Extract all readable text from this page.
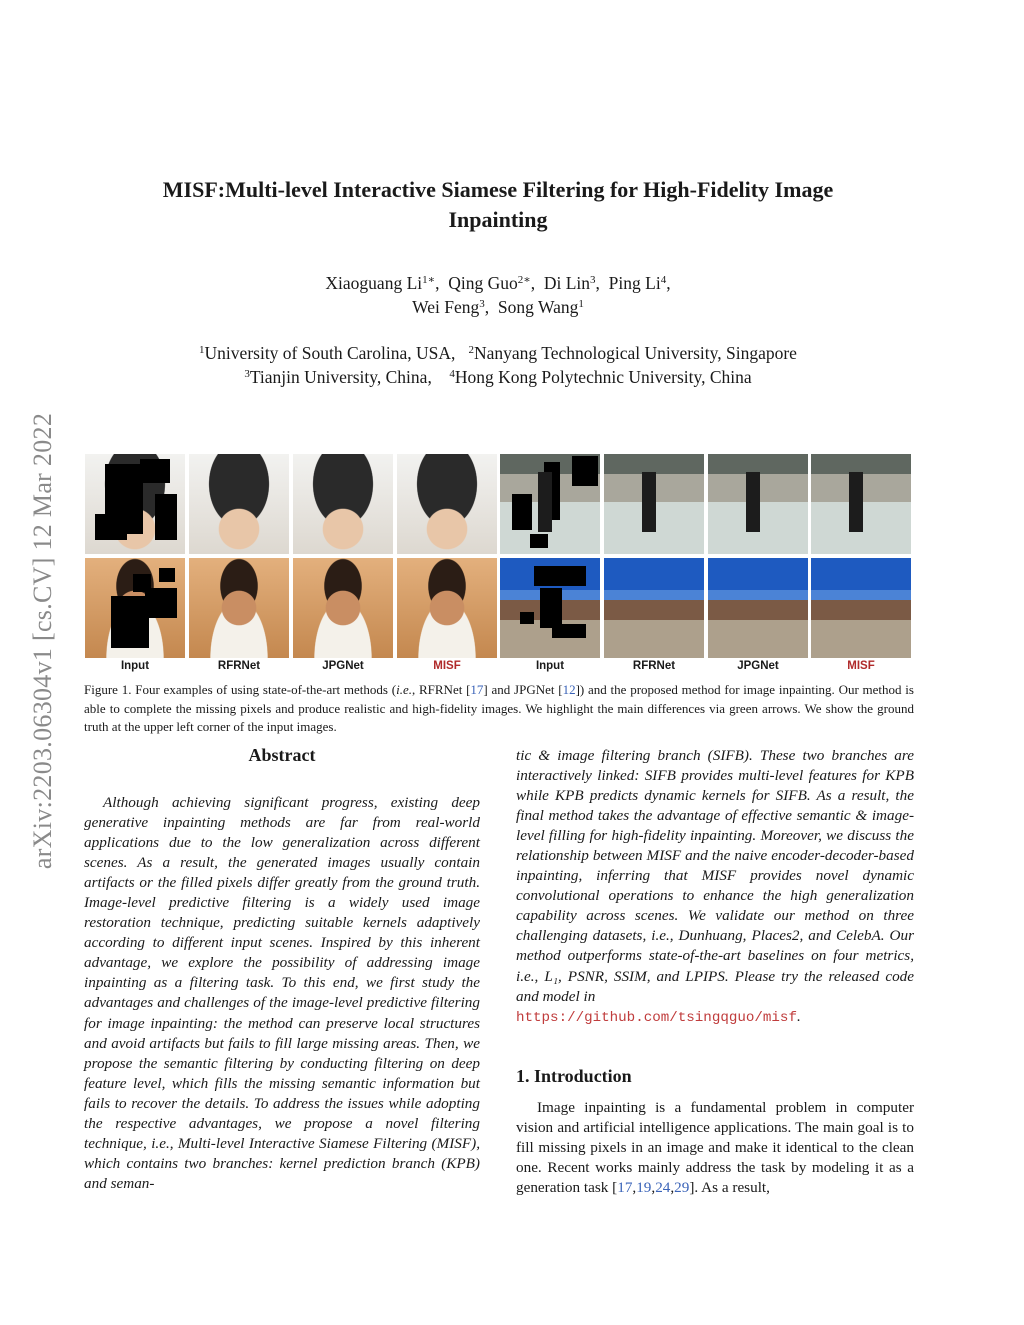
arXiv:2203.06304v1 [cs.CV] 12 Mar 2022
MISF:Multi-level Interactive Siamese Filtering for High-Fidelity Image
Inpainting
Xiaoguang $Li^{1∗}$,  Qing Guo$^{2∗}$,  Di Lin$^3$,  Ping Li$^4$,
Wei Feng$^3$,  Song Wang$^1$
$^1$University of South Carolina, USA, $^2$Nanyang Technological University, Singapore
$^3$Tianjin University, China, $^4$Hong Kong Polytechnic University, China
Input	RFRNet	JPGNet	MISF	Input	RFRNet	JPGNet	MISF
Figure 1. Four examples of using state-of-the-art methods (i.e., RFRNet [17] and JPGNet [12]) and the proposed method for image inpainting. Our method is able to complete the missing pixels and produce realistic and high-fidelity images. We highlight the main differences via green arrows. We show the ground truth at the upper left corner of the input images.
Abstract

Although achieving significant progress, existing deep generative inpainting methods are far from real-world applications due to the low generalization across different scenes. As a result, the generated images usually contain artifacts or the filled pixels differ greatly from the ground truth. Image-level predictive filtering is a widely used image restoration technique, predicting suitable kernels adaptively according to different input scenes. Inspired by this inherent advantage, we explore the possibility of addressing image inpainting as a filtering task. To this end, we first study the advantages and challenges of the image-level predictive filtering for image inpainting: the method can preserve local structures and avoid artifacts but fails to fill large missing areas. Then, we propose the semantic filtering by conducting filtering on deep feature level, which fills the missing semantic information but fails to recover the details. To address the issues while adopting the respective advantages, we propose a novel filtering technique, i.e., Multi-level Interactive Siamese Filtering (MISF), which contains two branches: kernel prediction branch (KPB) and seman-

tic & image filtering branch (SIFB). These two branches are interactively linked: SIFB provides multi-level features for KPB while KPB predicts dynamic kernels for SIFB. As a result, the final method takes the advantage of effective semantic & image-level filling for high-fidelity inpainting. Moreover, we discuss the relationship between MISF and the naive encoder-decoder-based inpainting, inferring that MISF provides novel dynamic convolutional operations to enhance the high generalization capability across scenes. We validate our method on three challenging datasets, i.e., Dunhuang, Places2, and CelebA. Our method outperforms state-of-the-art baselines on four metrics, i.e., L₁, PSNR, SSIM, and LPIPS. Please try the released code and model in
https://github.com/tsingqguo/misf.

1. Introduction

Image inpainting is a fundamental problem in computer vision and artificial intelligence applications. The main goal is to fill missing pixels in an image and make it identical to the clean one. Recent works mainly address the task by modeling it as a generation task [17,19,24,29]. As a result,
